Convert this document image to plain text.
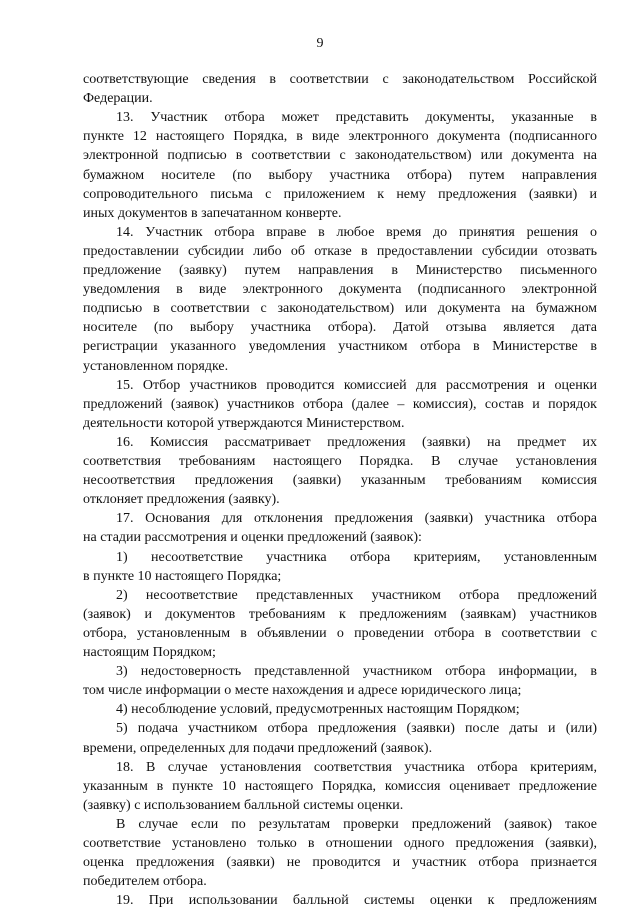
9
соответствующие сведения в соответствии с законодательством Российской
Федерации.
13. Участник отбора может представить документы, указанные в
пункте 12 настоящего Порядка, в виде электронного документа (подписанного
электронной подписью в соответствии с законодательством) или документа на
бумажном носителе (по выбору участника отбора) путем направления
сопроводительного письма с приложением к нему предложения (заявки) и
иных документов в запечатанном конверте.
14. Участник отбора вправе в любое время до принятия решения о
предоставлении субсидии либо об отказе в предоставлении субсидии отозвать
предложение (заявку) путем направления в Министерство письменного
уведомления в виде электронного документа (подписанного электронной
подписью в соответствии с законодательством) или документа на бумажном
носителе (по выбору участника отбора). Датой отзыва является дата
регистрации указанного уведомления участником отбора в Министерстве в
установленном порядке.
15. Отбор участников проводится комиссией для рассмотрения и оценки
предложений (заявок) участников отбора (далее – комиссия), состав и порядок
деятельности которой утверждаются Министерством.
16. Комиссия рассматривает предложения (заявки) на предмет их
соответствия требованиям настоящего Порядка. В случае установления
несоответствия предложения (заявки) указанным требованиям комиссия
отклоняет предложения (заявку).
17. Основания для отклонения предложения (заявки) участника отбора
на стадии рассмотрения и оценки предложений (заявок):
1) несоответствие участника отбора критериям, установленным
в пункте 10 настоящего Порядка;
2) несоответствие представленных участником отбора предложений
(заявок) и документов требованиям к предложениям (заявкам) участников
отбора, установленным в объявлении о проведении отбора в соответствии с
настоящим Порядком;
3) недостоверность представленной участником отбора информации, в
том числе информации о месте нахождения и адресе юридического лица;
4) несоблюдение условий, предусмотренных настоящим Порядком;
5) подача участником отбора предложения (заявки) после даты и (или)
времени, определенных для подачи предложений (заявок).
18. В случае установления соответствия участника отбора критериям,
указанным в пункте 10 настоящего Порядка, комиссия оценивает предложение
(заявку) с использованием балльной системы оценки.
В случае если по результатам проверки предложений (заявок) такое
соответствие установлено только в отношении одного предложения (заявки),
оценка предложения (заявки) не проводится и участник отбора признается
победителем отбора.
19. При использовании балльной системы оценки к предложениям
